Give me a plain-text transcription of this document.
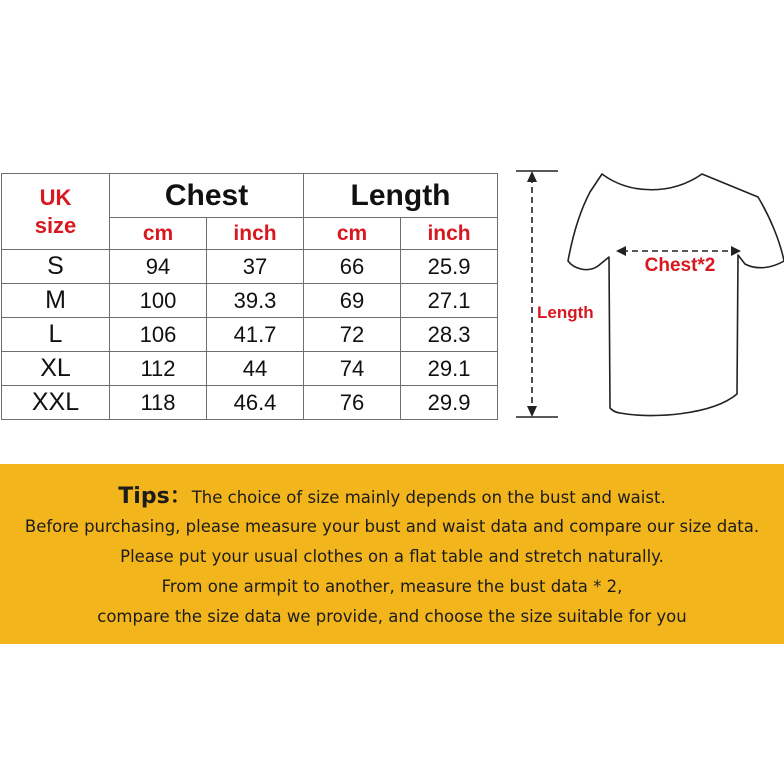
UK
size	Chest		Length	
	cm	inch	cm	inch
S	94	37	66	25.9
M	100	39.3	69	27.1
L	106	41.7	72	28.3
XL	112	44	74	29.1
XXL	118	46.4	76	29.9
Chest*2
Length
Tips：The choice of size mainly depends on the bust and waist.
Before purchasing, please measure your bust and waist data and compare our size data.
Please put your usual clothes on a flat table and stretch naturally.
From one armpit to another, measure the bust data * 2,
compare the size data we provide, and choose the size suitable for you
